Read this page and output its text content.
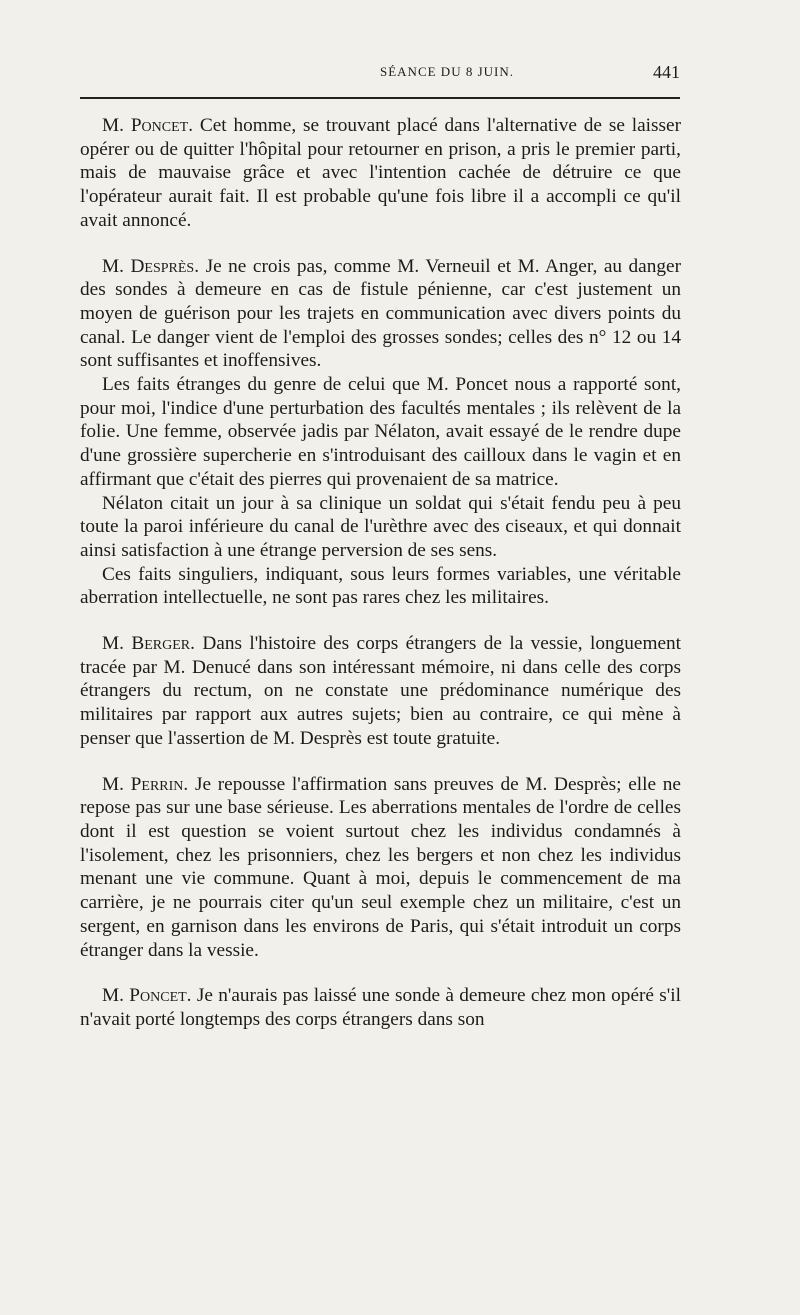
SÉANCE DU 8 JUIN.	441

M. Poncet. Cet homme, se trouvant placé dans l'alternative de se laisser opérer ou de quitter l'hôpital pour retourner en prison, a pris le premier parti, mais de mauvaise grâce et avec l'intention cachée de détruire ce que l'opérateur aurait fait. Il est probable qu'une fois libre il a accompli ce qu'il avait annoncé.

M. Desprès. Je ne crois pas, comme M. Verneuil et M. Anger, au danger des sondes à demeure en cas de fistule pénienne, car c'est justement un moyen de guérison pour les trajets en communication avec divers points du canal. Le danger vient de l'emploi des grosses sondes; celles des n° 12 ou 14 sont suffisantes et inoffensives.

Les faits étranges du genre de celui que M. Poncet nous a rapporté sont, pour moi, l'indice d'une perturbation des facultés mentales ; ils relèvent de la folie. Une femme, observée jadis par Nélaton, avait essayé de le rendre dupe d'une grossière supercherie en s'introduisant des cailloux dans le vagin et en affirmant que c'était des pierres qui provenaient de sa matrice.

Nélaton citait un jour à sa clinique un soldat qui s'était fendu peu à peu toute la paroi inférieure du canal de l'urèthre avec des ciseaux, et qui donnait ainsi satisfaction à une étrange perversion de ses sens.

Ces faits singuliers, indiquant, sous leurs formes variables, une véritable aberration intellectuelle, ne sont pas rares chez les militaires.

M. Berger. Dans l'histoire des corps étrangers de la vessie, longuement tracée par M. Denucé dans son intéressant mémoire, ni dans celle des corps étrangers du rectum, on ne constate une prédominance numérique des militaires par rapport aux autres sujets; bien au contraire, ce qui mène à penser que l'assertion de M. Desprès est toute gratuite.

M. Perrin. Je repousse l'affirmation sans preuves de M. Desprès; elle ne repose pas sur une base sérieuse. Les aberrations mentales de l'ordre de celles dont il est question se voient surtout chez les individus condamnés à l'isolement, chez les prisonniers, chez les bergers et non chez les individus menant une vie commune. Quant à moi, depuis le commencement de ma carrière, je ne pourrais citer qu'un seul exemple chez un militaire, c'est un sergent, en garnison dans les environs de Paris, qui s'était introduit un corps étranger dans la vessie.

M. Poncet. Je n'aurais pas laissé une sonde à demeure chez mon opéré s'il n'avait porté longtemps des corps étrangers dans son
